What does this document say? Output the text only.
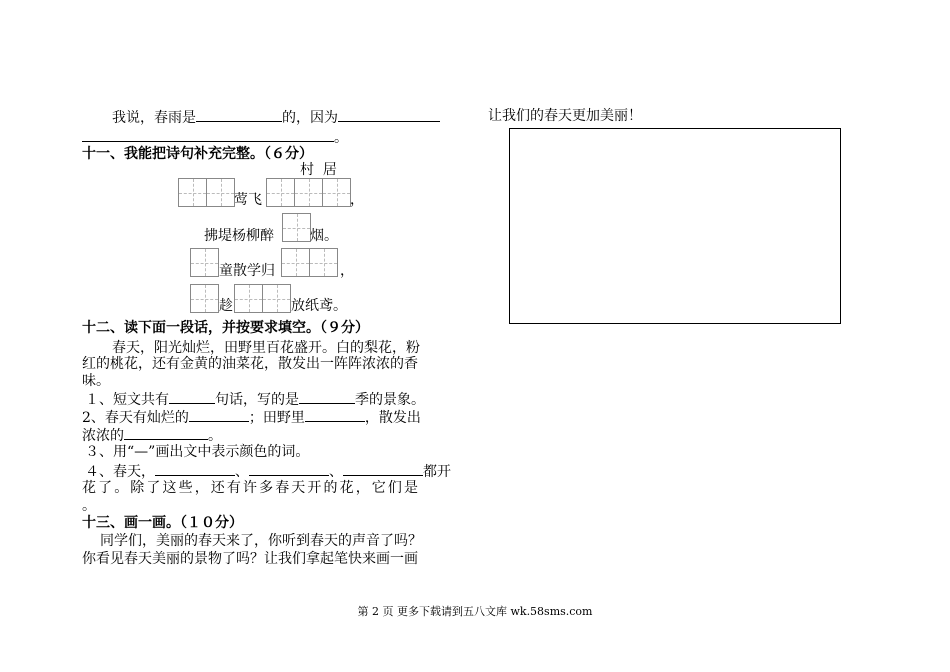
我说，春雨是	的，因为	让我们的春天更加美丽！
。
十一、我能把诗句补充完整。（６分）
村  居
莺飞	，
拂堤杨柳醉	烟。
童散学归	，
趁	放纸鸢。
十二、读下面一段话，并按要求填空。（９分）
春天，阳光灿烂，田野里百花盛开。白的梨花，粉
红的桃花，还有金黄的油菜花，散发出一阵阵浓浓的香
味。
１、短文共有	句话，写的是	季的景象。
2、春天有灿烂的	；田野里	，散发出
浓浓的	。
３、用“—”画出文中表示颜色的词。
４、春天，	、	、	都开
花了。除了这些，还有许多春天开的花，它们是
。
十三、画一画。（１０分）
同学们，美丽的春天来了，你听到春天的声音了吗？
你看见春天美丽的景物了吗？让我们拿起笔快来画一画
第 2 页 更多下载请到五八文库 wk.58sms.com
